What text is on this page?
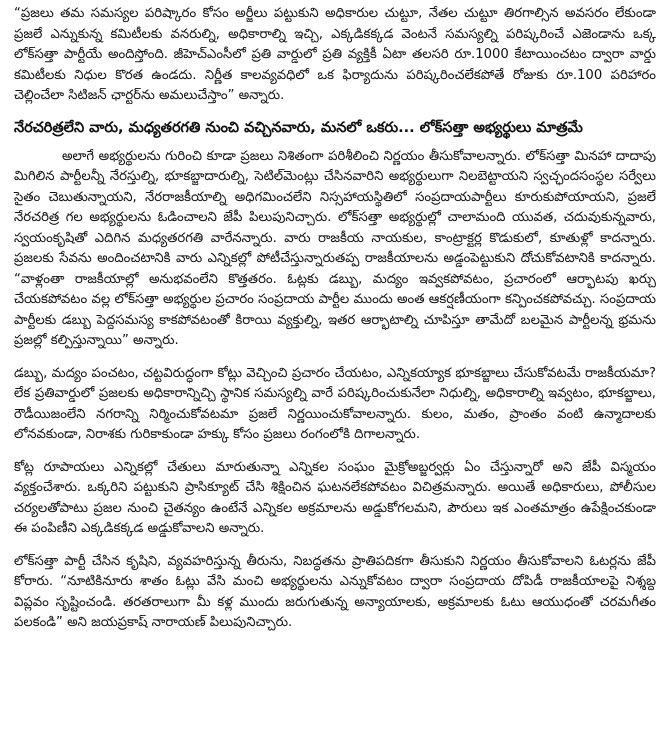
“ప్రజలు తమ సమస్యల పరిష్కారం కోసం అర్జీలు పట్టుకుని అధికారుల చుట్టూ, నేతల చుట్టూ తిరగాల్సిన అవసరం లేకుండా ప్రజలే ఎన్నుకున్న కమిటీలకు వనరుల్ని, అధికారాల్ని ఇచ్చి, ఎక్కడికక్కడ వెంటనే సమస్యల్ని పరిష్కరించే ఎజెండాను ఒక్క లోక్‌సత్తా పార్టీయే అందిస్తోంది. జీహెచ్ఎంసీలో ప్రతి వార్డులో ప్రతి వ్యక్తికీ ఏటా తలసరి రూ.1000 కేటాయించటం ద్వారా వార్డు కమిటీలకు నిధుల కొరత ఉండదు. నిర్ణీత కాలవ్యవధిలో ఒక ఫిర్యాదును పరిష్కరించలేకపోతే రోజుకు రూ.100 పరిహారం చెల్లించేలా సిటిజన్ ఛార్టర్‌ను అమలుచేస్తాం” అన్నారు.

నేరచరిత్రలేని వారు, మధ్యతరగతి నుంచి వచ్చినవారు, మనలో ఒకరు... లోక్‌సత్తా అభ్యర్థులు మాత్రమే

అలాగే అభ్యర్థులను గురించి కూడా ప్రజలు నిశితంగా పరిశీలించి నిర్ణయం తీసుకోవాలన్నారు. లోక్‌సత్తా మినహా దాదాపు మిగిలిన పార్టీలన్నీ నేరస్తుల్ని, భూకబ్జాదారుల్ని, సెటిల్‌మెంట్లు చేసినవారిని అభ్యర్థులుగా నిలబెట్టాయని స్వచ్ఛందసంస్థల సర్వేలు సైతం చెబుతున్నాయని, నేరరాజకీయాల్ని అధిగమించలేని నిస్సహాయస్థితిలో సంప్రదాయపార్టీలు కూరుకుపోయాయని, ప్రజలే నేరచరిత్ర గల అభ్యర్థులను ఓడించాలని జేపీ పిలుపునిచ్చారు. లోక్‌సత్తా అభ్యర్థుల్లో చాలామంది యువత, చదువుకున్నవారు, స్వయంకృషితో ఎదిగిన మధ్యతరగతి వారేనన్నారు. వారు రాజకీయ నాయకుల, కాంట్రాక్టర్ల కొడుకులో, కూతుళ్లో కాదన్నారు. ప్రజలకు సేవను అందించటానికి వారు ఎన్నికల్లో పోటీచేస్తున్నారుతప్ప రాజకీయాలను అడ్డంపెట్టుకుని దోచుకోవటానికి కాదన్నారు. “వాళ్లంతా రాజకీయాల్లో అనుభవంలేని కొత్తతరం. ఓట్లకు డబ్బు, మద్యం ఇవ్వకపోవటం, ప్రచారంలో ఆర్భాటపు ఖర్చు చేయకపోవటం వల్ల లోక్‌సత్తా అభ్యర్థుల ప్రచారం సంప్రదాయ పార్టీల ముందు అంత ఆకర్షణీయంగా కన్పించకపోవచ్చు. సంప్రదాయ పార్టీలకు డబ్బు పెద్దసమస్య కాకపోవటంతో కిరాయి వ్యక్తుల్ని, ఇతర ఆర్భాటాల్ని చూపిస్తూ తామేదో బలమైన పార్టీలన్న భ్రమను ప్రజల్లో కల్పిస్తున్నాయి” అన్నారు.

డబ్బు, మద్యం పంచటం, చట్టవిరుద్ధంగా కోట్లు వెచ్చించి ప్రచారం చేయటం, ఎన్నికయ్యాక భూకబ్జాలు చేసుకోవటమే రాజకీయమా? లేక ప్రతివార్డులో ప్రజలకు అధికారాన్నిచ్చి స్థానిక సమస్యల్ని వారే పరిష్కరించుకునేలా నిధుల్ని, అధికారాల్ని ఇవ్వటం, భూకబ్జాలు, రౌడీయిజంలేని నగరాన్ని నిర్మించుకోవటమా ప్రజలే నిర్ణయించుకోవాలన్నారు. కులం, మతం, ప్రాంతం వంటి ఉన్మాదాలకు లోనవకుండా, నిరాశకు గురికాకుండా హక్కు కోసం ప్రజలు రంగంలోకి దిగాలన్నారు.

కోట్ల రూపాయలు ఎన్నికల్లో చేతులు మారుతున్నా ఎన్నికల సంఘం మైక్రోఅబ్జర్వర్లు ఏం చేస్తున్నారో అని జేపీ విస్మయం వ్యక్తంచేశారు. ఒక్కరిని పట్టుకుని ప్రాసిక్యూట్ చేసి శిక్షించిన ఘటనలేకపోవటం విచిత్రమన్నారు. అయితే అధికారులు, పోలీసుల చర్యలతోపాటు ప్రజల నుంచి చైతన్యం ఉంటేనే ఎన్నికల అక్రమాలను అడ్డుకోగలమని, పౌరులు ఇక ఎంతమాత్రం ఉపేక్షించకుండా ఈ పంపిణీని ఎక్కడికక్కడ అడ్డుకోవాలని అన్నారు.

లోక్‌సత్తా పార్టీ చేసిన కృషిని, వ్యవహరిస్తున్న తీరును, నిబద్ధతను ప్రాతిపదికగా తీసుకుని నిర్ణయం తీసుకోవాలని ఓటర్లను జేపీ కోరారు. “నూటికినూరు శాతం ఓట్లు వేసి మంచి అభ్యర్థులను ఎన్నుకోవటం ద్వారా సంప్రదాయ దోపిడీ రాజకీయాలపై నిశ్శబ్ద విప్లవం సృష్టించండి. తరతరాలుగా మీ కళ్ల ముందు జరుగుతున్న అన్యాయాలకు, అక్రమాలకు ఓటు ఆయుధంతో చరమగీతం పలకండి” అని జయప్రకాష్ నారాయణ్ పిలుపునిచ్చారు.
